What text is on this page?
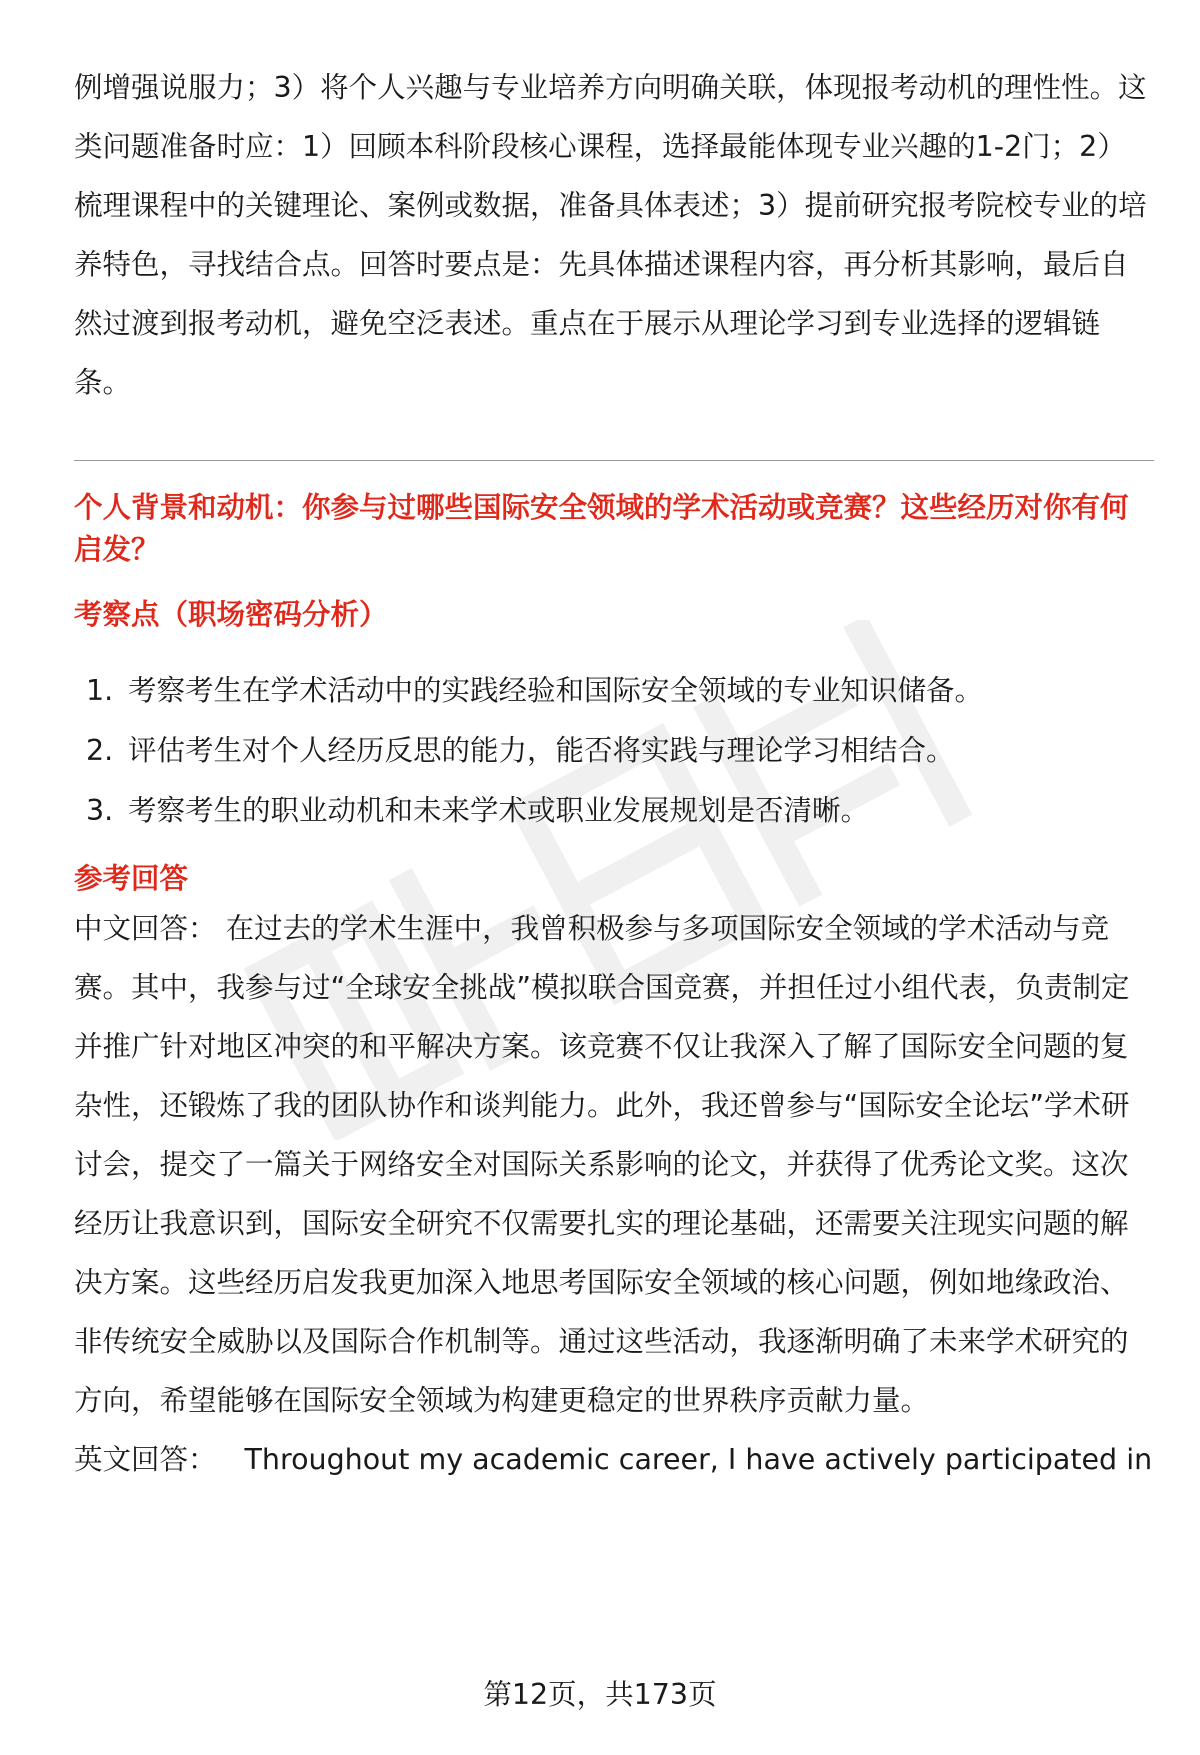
例增强说服力；3）将个人兴趣与专业培养方向明确关联，体现报考动机的理性性。这类问题准备时应：1）回顾本科阶段核心课程，选择最能体现专业兴趣的1-2门；2）梳理课程中的关键理论、案例或数据，准备具体表述；3）提前研究报考院校专业的培养特色，寻找结合点。回答时要点是：先具体描述课程内容，再分析其影响，最后自然过渡到报考动机，避免空泛表述。重点在于展示从理论学习到专业选择的逻辑链条。

个人背景和动机：你参与过哪些国际安全领域的学术活动或竞赛？这些经历对你有何启发？

考察点（职场密码分析）
1. 考察考生在学术活动中的实践经验和国际安全领域的专业知识储备。
2. 评估考生对个人经历反思的能力，能否将实践与理论学习相结合。
3. 考察考生的职业动机和未来学术或职业发展规划是否清晰。
参考回答

中文回答： 在过去的学术生涯中，我曾积极参与多项国际安全领域的学术活动与竞赛。其中，我参与过“全球安全挑战”模拟联合国竞赛，并担任过小组代表，负责制定并推广针对地区冲突的和平解决方案。该竞赛不仅让我深入了解了国际安全问题的复杂性，还锻炼了我的团队协作和谈判能力。此外，我还曾参与“国际安全论坛”学术研讨会，提交了一篇关于网络安全对国际关系影响的论文，并获得了优秀论文奖。这次经历让我意识到，国际安全研究不仅需要扎实的理论基础，还需要关注现实问题的解决方案。这些经历启发我更加深入地思考国际安全领域的核心问题，例如地缘政治、非传统安全威胁以及国际合作机制等。通过这些活动，我逐渐明确了未来学术研究的方向，希望能够在国际安全领域为构建更稳定的世界秩序贡献力量。

英文回答： Throughout my academic career, I have actively participated in

第12页，共173页
